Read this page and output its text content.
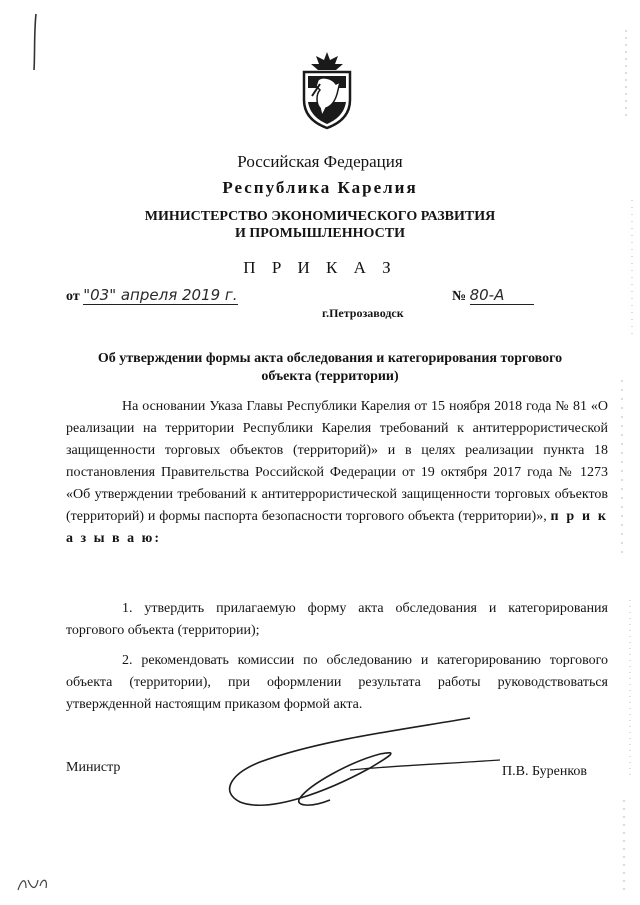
Российская Федерация
Республика Карелия
МИНИСТЕРСТВО ЭКОНОМИЧЕСКОГО РАЗВИТИЯ
И ПРОМЫШЛЕННОСТИ
П Р И К А З
от "03" апреля 2019 г.
г.Петрозаводск
№ 80-А
Об утверждении формы акта обследования и категорирования торгового объекта (территории)
На основании Указа Главы Республики Карелия от 15 ноября 2018 года № 81 «О реализации на территории Республики Карелия требований к антитеррористической защищенности торговых объектов (территорий)» и в целях реализации пункта 18 постановления Правительства Российской Федерации от 19 октября 2017 года № 1273 «Об утверждении требований к антитеррористической защищенности торговых объектов (территорий) и формы паспорта безопасности торгового объекта (территории)», п р и к а з ы в а ю:
1. утвердить прилагаемую форму акта обследования и категорирования торгового объекта (территории);
2. рекомендовать комиссии по обследованию и категорированию торгового объекта (территории), при оформлении результата работы руководствоваться утвержденной настоящим приказом формой акта.
Министр	П.В. Буренков
